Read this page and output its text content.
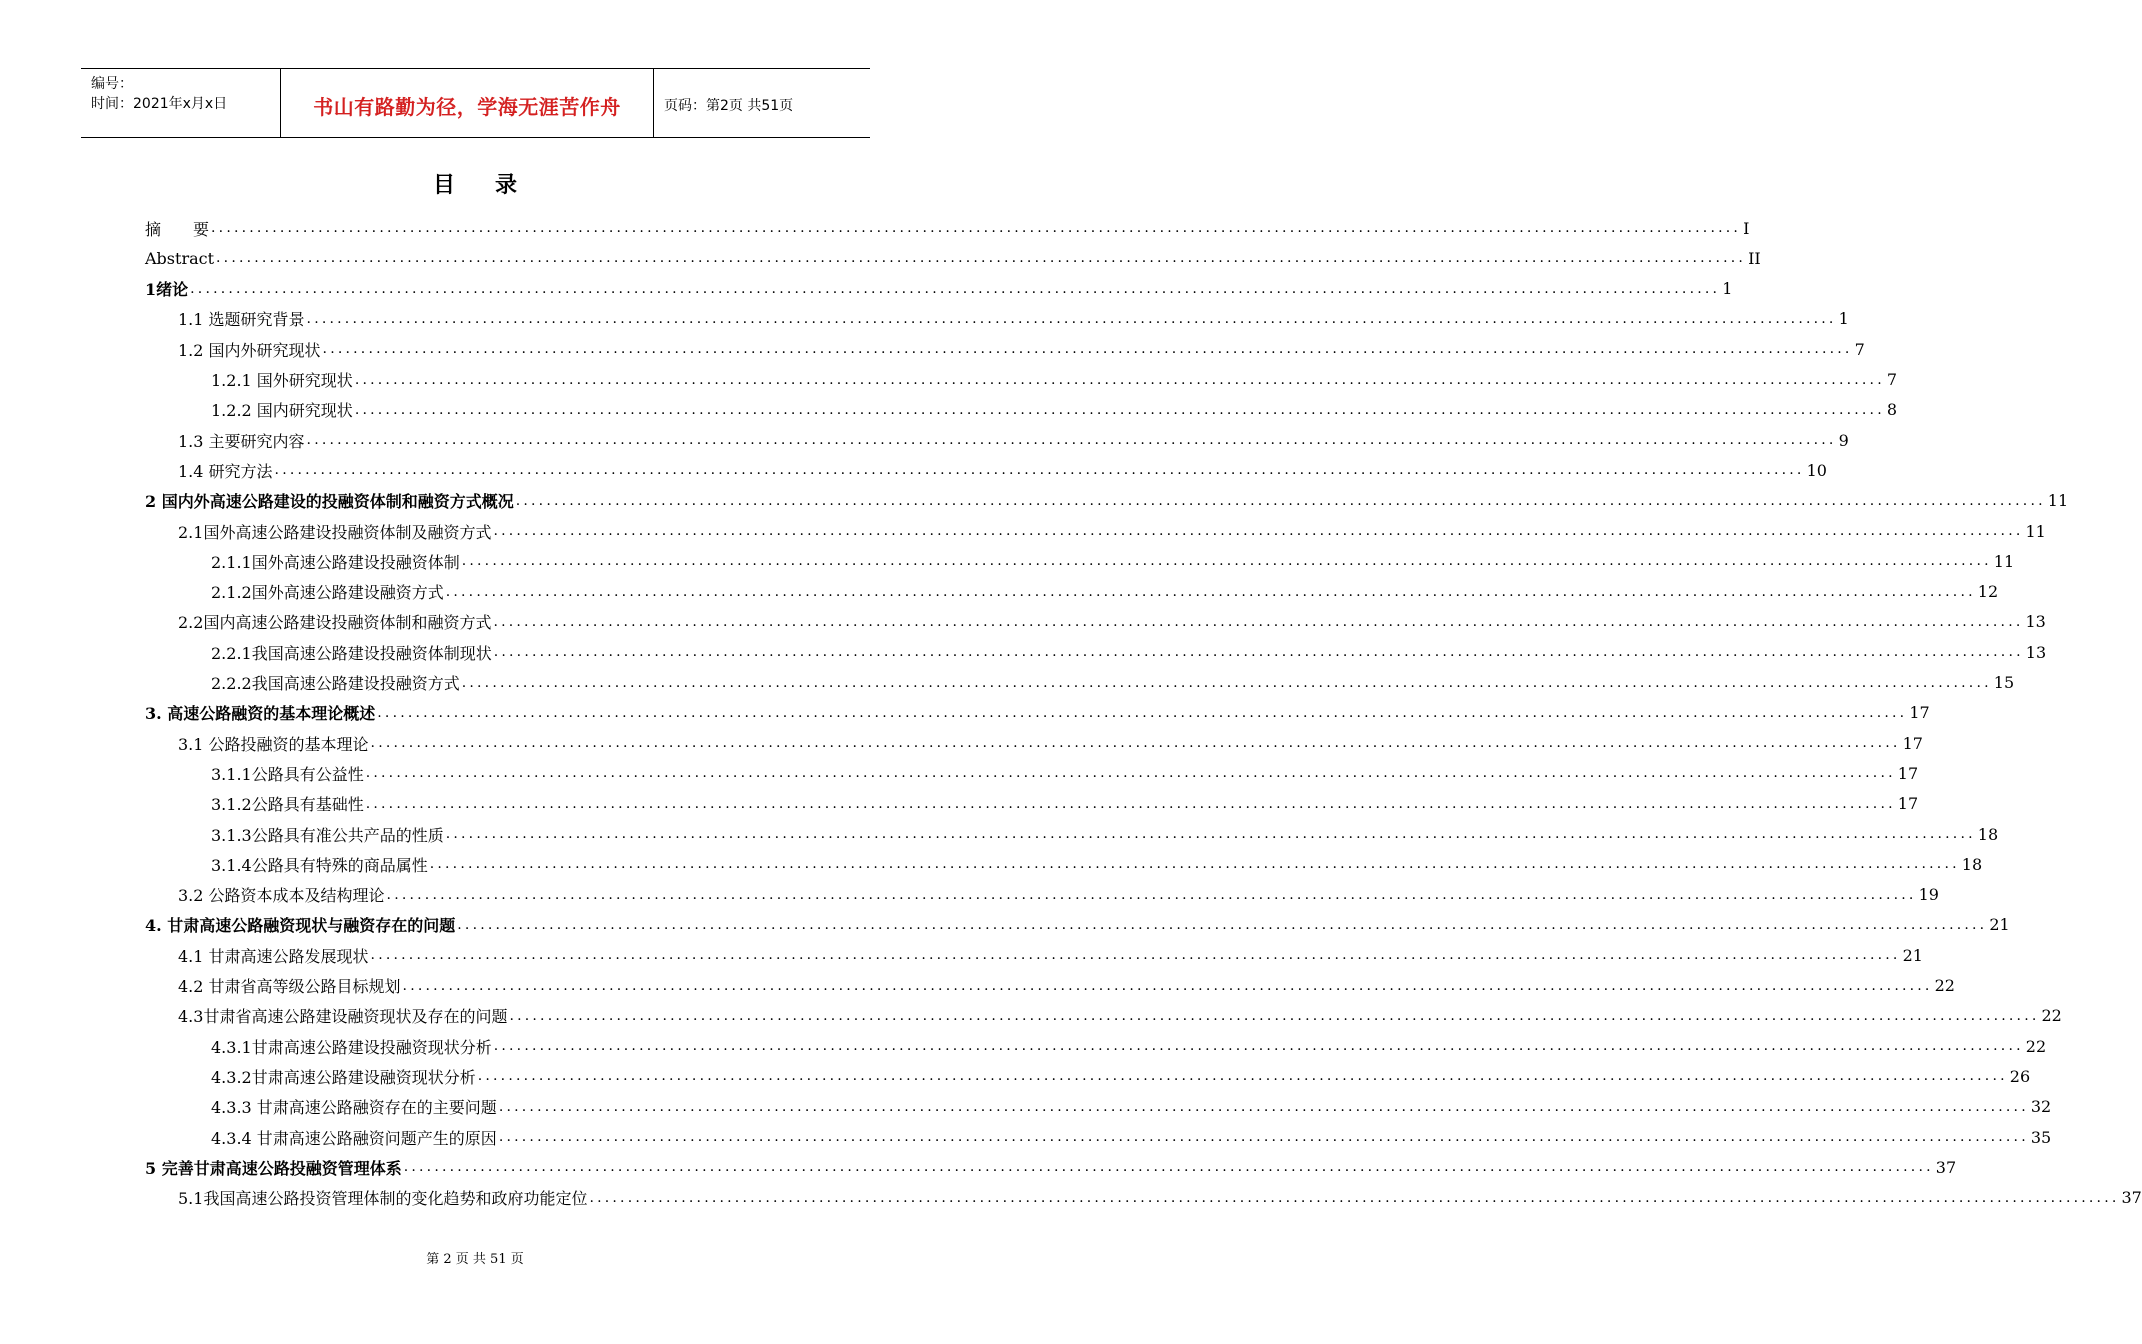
编号：
时间：2021年x月x日	书山有路勤为径，学海无涯苦作舟	页码：第2页 共51页
目 录
摘　　要 ........................................................................................................................................................................................................ I
Abstract ........................................................................................................................................................................................................ II
1绪论 ........................................................................................................................................................................................................ 1
1.1 选题研究背景 ........................................................................................................................................................................................................ 1
1.2 国内外研究现状 ........................................................................................................................................................................................................ 7
1.2.1 国外研究现状 ........................................................................................................................................................................................................ 7
1.2.2 国内研究现状 ........................................................................................................................................................................................................ 8
1.3 主要研究内容 ........................................................................................................................................................................................................ 9
1.4 研究方法 ........................................................................................................................................................................................................ 10
2 国内外高速公路建设的投融资体制和融资方式概况 ........................................................................................................................................................................................................ 11
2.1国外高速公路建设投融资体制及融资方式 ........................................................................................................................................................................................................ 11
2.1.1国外高速公路建设投融资体制 ........................................................................................................................................................................................................ 11
2.1.2国外高速公路建设融资方式 ........................................................................................................................................................................................................ 12
2.2国内高速公路建设投融资体制和融资方式 ........................................................................................................................................................................................................ 13
2.2.1我国高速公路建设投融资体制现状 ........................................................................................................................................................................................................ 13
2.2.2我国高速公路建设投融资方式 ........................................................................................................................................................................................................ 15
3. 高速公路融资的基本理论概述 ........................................................................................................................................................................................................ 17
3.1 公路投融资的基本理论 ........................................................................................................................................................................................................ 17
3.1.1公路具有公益性 ........................................................................................................................................................................................................ 17
3.1.2公路具有基础性 ........................................................................................................................................................................................................ 17
3.1.3公路具有准公共产品的性质 ........................................................................................................................................................................................................ 18
3.1.4公路具有特殊的商品属性 ........................................................................................................................................................................................................ 18
3.2 公路资本成本及结构理论 ........................................................................................................................................................................................................ 19
4. 甘肃高速公路融资现状与融资存在的问题 ........................................................................................................................................................................................................ 21
4.1 甘肃高速公路发展现状 ........................................................................................................................................................................................................ 21
4.2 甘肃省高等级公路目标规划 ........................................................................................................................................................................................................ 22
4.3甘肃省高速公路建设融资现状及存在的问题 ........................................................................................................................................................................................................ 22
4.3.1甘肃高速公路建设投融资现状分析 ........................................................................................................................................................................................................ 22
4.3.2甘肃高速公路建设融资现状分析 ........................................................................................................................................................................................................ 26
4.3.3 甘肃高速公路融资存在的主要问题 ........................................................................................................................................................................................................ 32
4.3.4 甘肃高速公路融资问题产生的原因 ........................................................................................................................................................................................................ 35
5 完善甘肃高速公路投融资管理体系 ........................................................................................................................................................................................................ 37
5.1我国高速公路投资管理体制的变化趋势和政府功能定位 ........................................................................................................................................................................................................ 37
第 2 页 共 51 页
